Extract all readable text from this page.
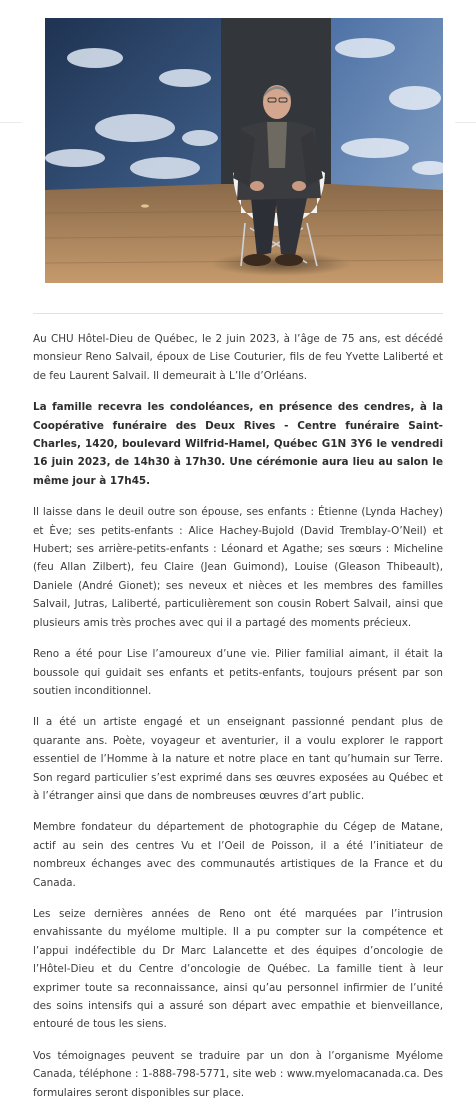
Au CHU Hôtel-Dieu de Québec, le 2 juin 2023, à l’âge de 75 ans, est décédé monsieur Reno Salvail, époux de Lise Couturier, fils de feu Yvette Laliberté et de feu Laurent Salvail. Il demeurait à L’Ile d’Orléans.

La famille recevra les condoléances, en présence des cendres, à la Coopérative funéraire des Deux Rives - Centre funéraire Saint-Charles, 1420, boulevard Wilfrid-Hamel, Québec G1N 3Y6 le vendredi 16 juin 2023, de 14h30 à 17h30. Une cérémonie aura lieu au salon le même jour à 17h45.

Il laisse dans le deuil outre son épouse, ses enfants : Étienne (Lynda Hachey) et Ève; ses petits-enfants : Alice Hachey-Bujold (David Tremblay-O’Neil) et Hubert; ses arrière-petits-enfants : Léonard et Agathe; ses sœurs : Micheline (feu Allan Zilbert), feu Claire (Jean Guimond), Louise (Gleason Thibeault), Daniele (André Gionet); ses neveux et nièces et les membres des familles Salvail, Jutras, Laliberté, particulièrement son cousin Robert Salvail, ainsi que plusieurs amis très proches avec qui il a partagé des moments précieux.

Reno a été pour Lise l’amoureux d’une vie. Pilier familial aimant, il était la boussole qui guidait ses enfants et petits-enfants, toujours présent par son soutien inconditionnel.

Il a été un artiste engagé et un enseignant passionné pendant plus de quarante ans. Poète, voyageur et aventurier, il a voulu explorer le rapport essentiel de l’Homme à la nature et notre place en tant qu’humain sur Terre. Son regard particulier s’est exprimé dans ses œuvres exposées au Québec et à l’étranger ainsi que dans de nombreuses œuvres d’art public.

Membre fondateur du département de photographie du Cégep de Matane, actif au sein des centres Vu et l’Oeil de Poisson, il a été l’initiateur de nombreux échanges avec des communautés artistiques de la France et du Canada.

Les seize dernières années de Reno ont été marquées par l’intrusion envahissante du myélome multiple. Il a pu compter sur la compétence et l’appui indéfectible du Dr Marc Lalancette et des équipes d’oncologie de l’Hôtel-Dieu et du Centre d’oncologie de Québec. La famille tient à leur exprimer toute sa reconnaissance, ainsi qu’au personnel infirmier de l’unité des soins intensifs qui a assuré son départ avec empathie et bienveillance, entouré de tous les siens.

Vos témoignages peuvent se traduire par un don à l’organisme Myélome Canada, téléphone : 1-888-798-5771, site web : www.myelomacanada.ca. Des formulaires seront disponibles sur place.
